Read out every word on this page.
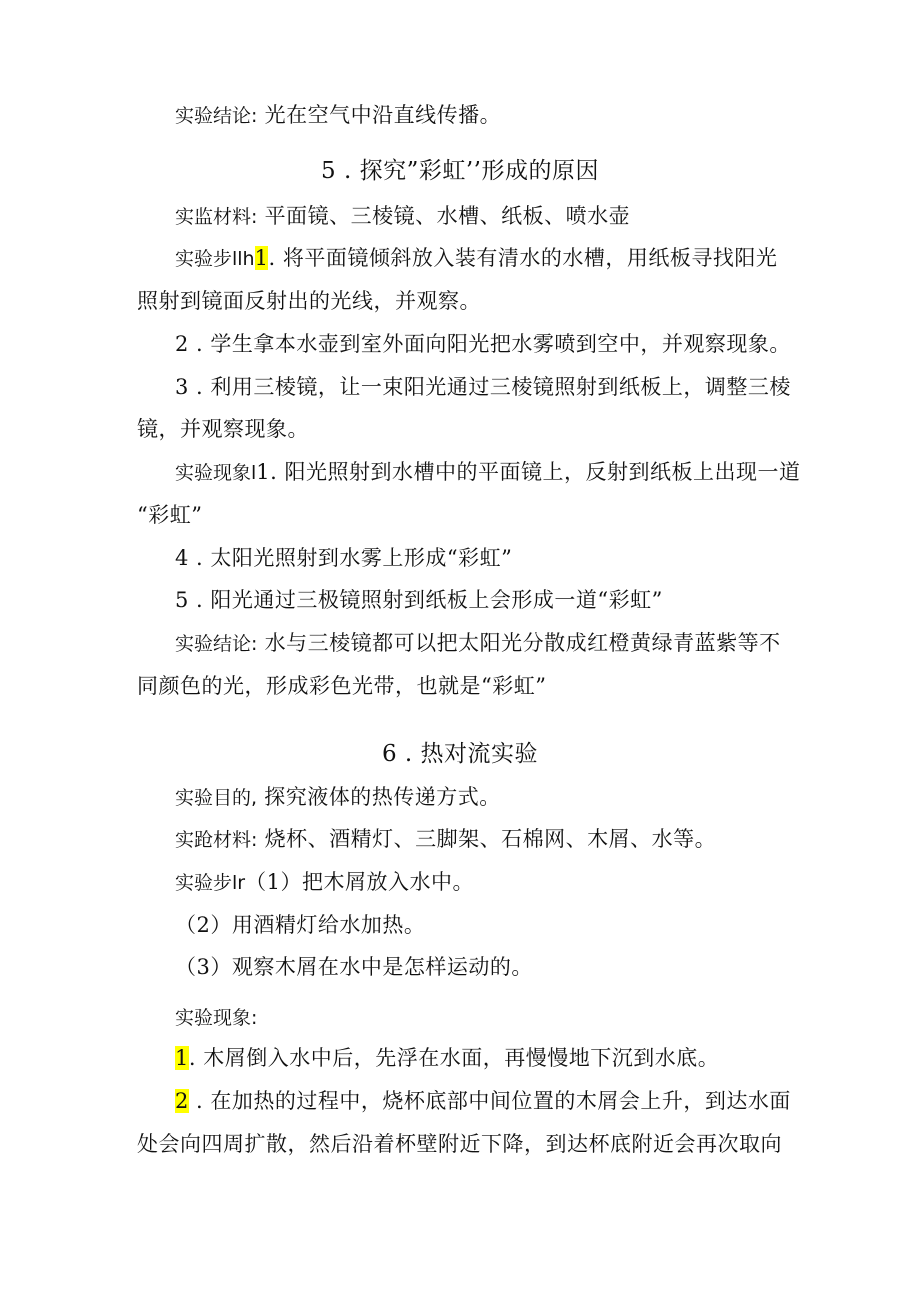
实验结论: 光在空气中沿直线传播。
5 . 探究”彩虹’’形成的原因
实监材料: 平面镜、三棱镜、水槽、纸板、喷水壶
实验步llh1. 将平面镜倾斜放入装有清水的水槽，用纸板寻找阳光
照射到镜面反射出的光线，并观察。
2 . 学生拿本水壶到室外面向阳光把水雾喷到空中，并观察现象。
3 . 利用三棱镜，让一束阳光通过三棱镜照射到纸板上，调整三棱
镜，并观察现象。
实验现象l1. 阳光照射到水槽中的平面镜上，反射到纸板上出现一道
“彩虹”
4 . 太阳光照射到水雾上形成“彩虹”
5 . 阳光通过三极镜照射到纸板上会形成一道“彩虹”
实验结论: 水与三棱镜都可以把太阳光分散成红橙黄绿青蓝紫等不
同颜色的光，形成彩色光带，也就是“彩虹”
6 . 热对流实验
实验目的, 探究液体的热传递方式。
实跄材料: 烧杯、酒精灯、三脚架、石棉网、木屑、水等。
实验步lr（1）把木屑放入水中。
（2）用酒精灯给水加热。
（3）观察木屑在水中是怎样运动的。
实验现象:
1. 木屑倒入水中后，先浮在水面，再慢慢地下沉到水底。
2 . 在加热的过程中，烧杯底部中间位置的木屑会上升，到达水面
处会向四周扩散，然后沿着杯壁附近下降，到达杯底附近会再次取向
